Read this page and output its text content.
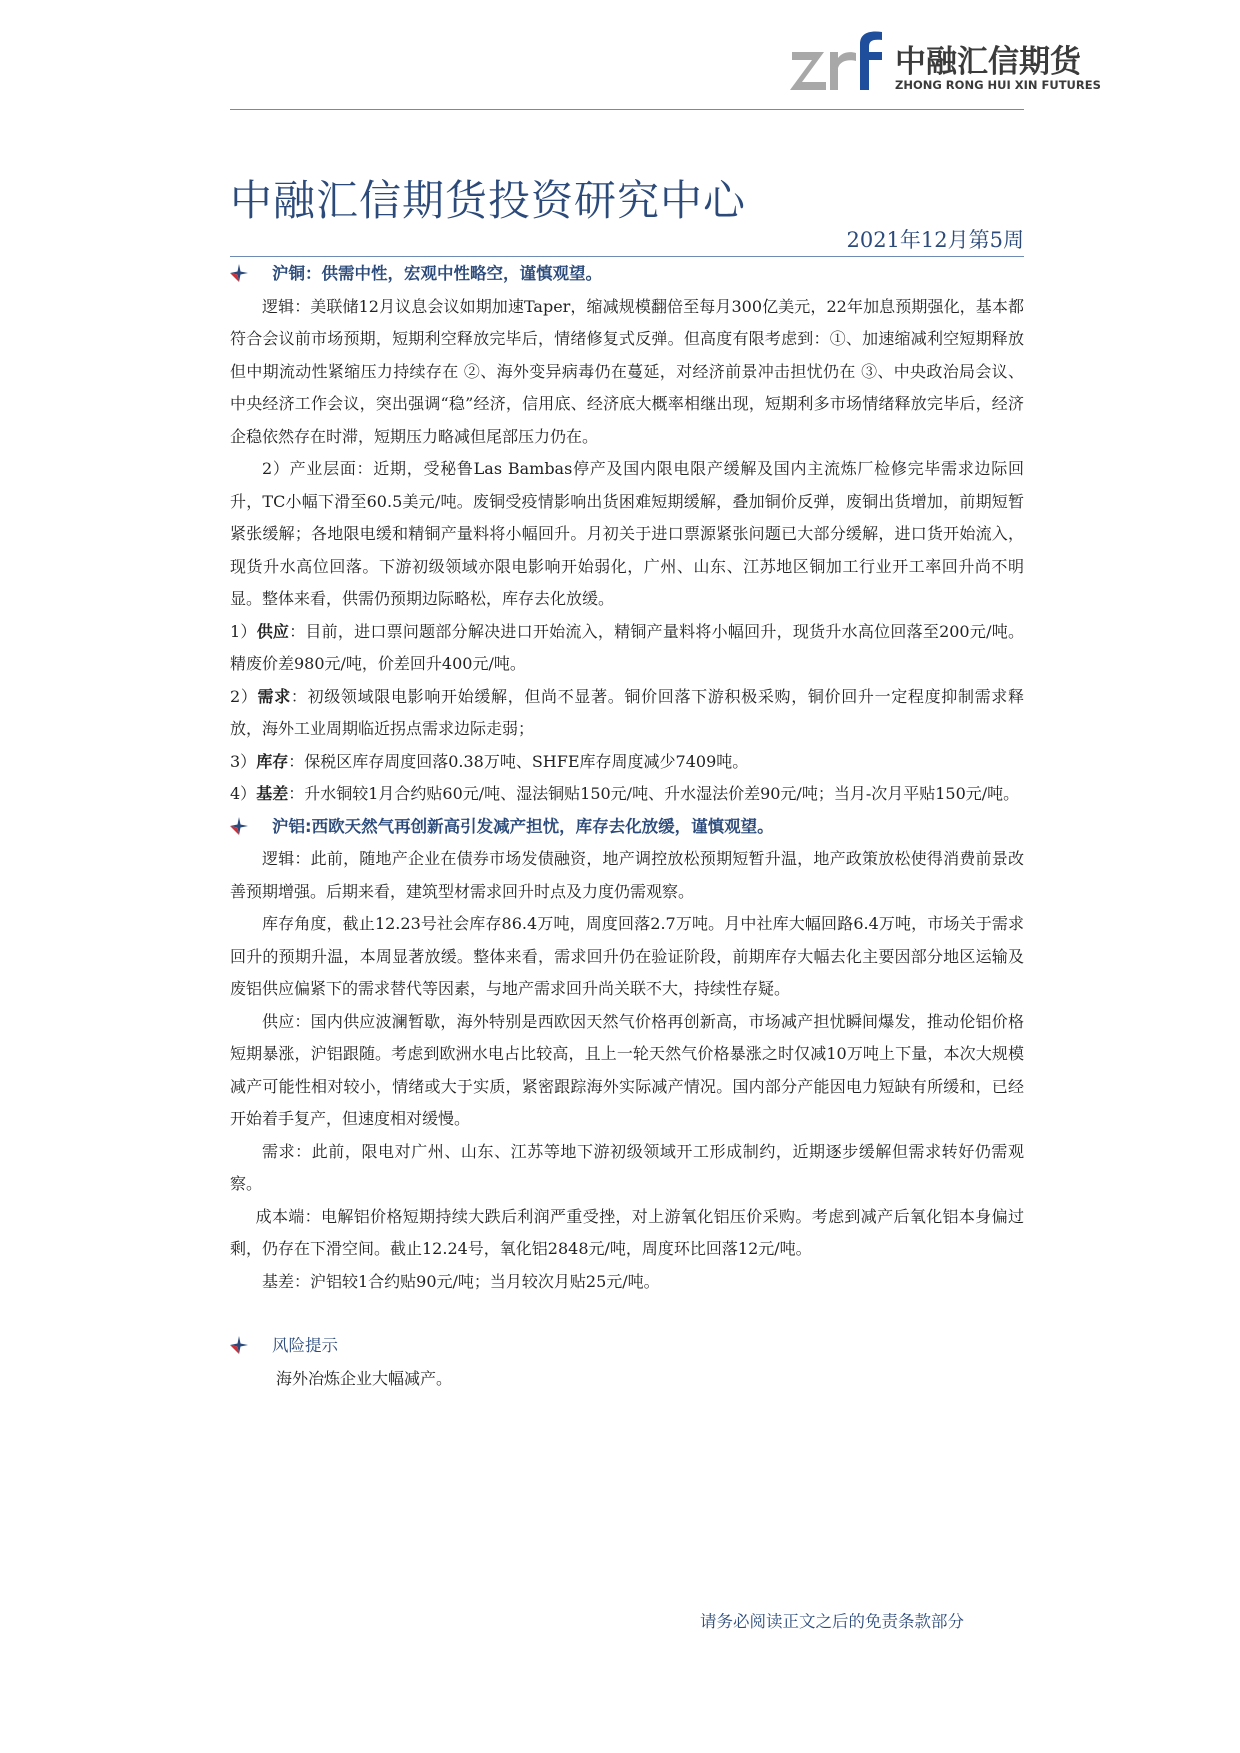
中融汇信期货
ZHONG RONG HUI XIN FUTURES
中融汇信期货投资研究中心
2021年12月第5周
沪铜：供需中性，宏观中性略空，谨慎观望。

逻辑：美联储12月议息会议如期加速Taper，缩减规模翻倍至每月300亿美元，22年加息预期强化，基本都符合会议前市场预期，短期利空释放完毕后，情绪修复式反弹。但高度有限考虑到：①、加速缩减利空短期释放但中期流动性紧缩压力持续存在 ②、海外变异病毒仍在蔓延，对经济前景冲击担忧仍在 ③、中央政治局会议、中央经济工作会议，突出强调“稳”经济，信用底、经济底大概率相继出现，短期利多市场情绪释放完毕后，经济企稳依然存在时滞，短期压力略减但尾部压力仍在。

2）产业层面：近期，受秘鲁Las Bambas停产及国内限电限产缓解及国内主流炼厂检修完毕需求边际回升，TC小幅下滑至60.5美元/吨。废铜受疫情影响出货困难短期缓解，叠加铜价反弹，废铜出货增加，前期短暂紧张缓解；各地限电缓和精铜产量料将小幅回升。月初关于进口票源紧张问题已大部分缓解，进口货开始流入，现货升水高位回落。下游初级领域亦限电影响开始弱化，广州、山东、江苏地区铜加工行业开工率回升尚不明显。整体来看，供需仍预期边际略松，库存去化放缓。

1）供应：目前，进口票问题部分解决进口开始流入，精铜产量料将小幅回升，现货升水高位回落至200元/吨。精废价差980元/吨，价差回升400元/吨。

2）需求：初级领域限电影响开始缓解，但尚不显著。铜价回落下游积极采购，铜价回升一定程度抑制需求释放，海外工业周期临近拐点需求边际走弱；

3）库存：保税区库存周度回落0.38万吨、SHFE库存周度减少7409吨。

4）基差：升水铜较1月合约贴60元/吨、湿法铜贴150元/吨、升水湿法价差90元/吨；当月-次月平贴150元/吨。

沪铝:西欧天然气再创新高引发减产担忧，库存去化放缓，谨慎观望。

逻辑：此前，随地产企业在债券市场发债融资，地产调控放松预期短暂升温，地产政策放松使得消费前景改善预期增强。后期来看，建筑型材需求回升时点及力度仍需观察。

库存角度，截止12.23号社会库存86.4万吨，周度回落2.7万吨。月中社库大幅回路6.4万吨，市场关于需求回升的预期升温，本周显著放缓。整体来看，需求回升仍在验证阶段，前期库存大幅去化主要因部分地区运输及废铝供应偏紧下的需求替代等因素，与地产需求回升尚关联不大，持续性存疑。

供应：国内供应波澜暂歇，海外特别是西欧因天然气价格再创新高，市场减产担忧瞬间爆发，推动伦铝价格短期暴涨，沪铝跟随。考虑到欧洲水电占比较高，且上一轮天然气价格暴涨之时仅减10万吨上下量，本次大规模减产可能性相对较小，情绪或大于实质，紧密跟踪海外实际减产情况。国内部分产能因电力短缺有所缓和，已经开始着手复产，但速度相对缓慢。

需求：此前，限电对广州、山东、江苏等地下游初级领域开工形成制约，近期逐步缓解但需求转好仍需观察。

成本端：电解铝价格短期持续大跌后利润严重受挫，对上游氧化铝压价采购。考虑到减产后氧化铝本身偏过剩，仍存在下滑空间。截止12.24号，氧化铝2848元/吨，周度环比回落12元/吨。

基差：沪铝较1合约贴90元/吨；当月较次月贴25元/吨。

风险提示

海外冶炼企业大幅减产。

请务必阅读正文之后的免责条款部分
